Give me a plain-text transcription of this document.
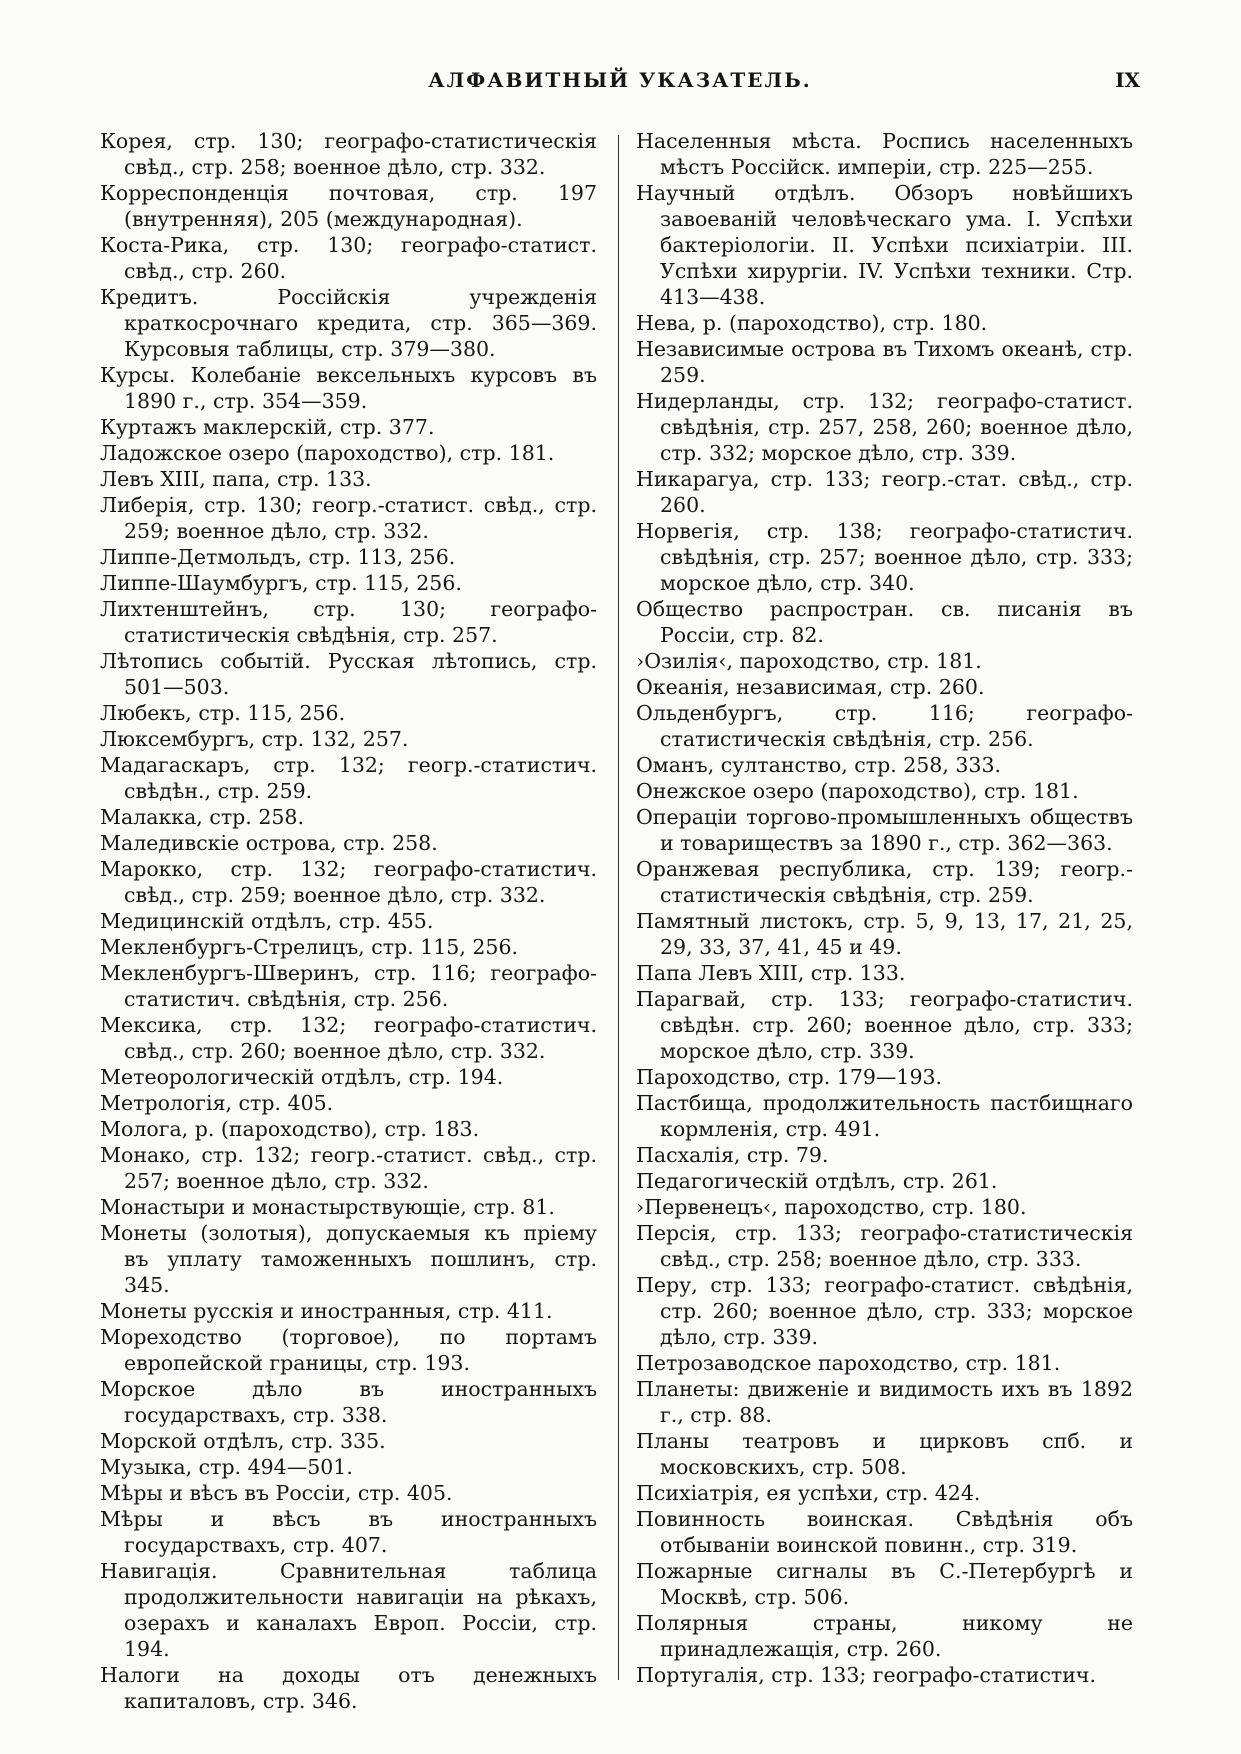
АЛФАВИТНЫЙ УКАЗАТЕЛЬ.	IX
Корея, стр. 130; географо-статистическія свѣд., стр. 258; военное дѣло, стр. 332.
Корреспонденція почтовая, стр. 197 (внутренняя), 205 (международная).
Коста-Рика, стр. 130; географо-статист. свѣд., стр. 260.
Кредитъ. Россійскія учрежденія краткосрочнаго кредита, стр. 365—369. Курсовыя таблицы, стр. 379—380.
Курсы. Колебаніе вексельныхъ курсовъ въ 1890 г., стр. 354—359.
Куртажъ маклерскій, стр. 377.
Ладожское озеро (пароходство), стр. 181.
Левъ XIII, папа, стр. 133.
Либерія, стр. 130; геогр.-статист. свѣд., стр. 259; военное дѣло, стр. 332.
Липпе-Детмольдъ, стр. 113, 256.
Липпе-Шаумбургъ, стр. 115, 256.
Лихтенштейнъ, стр. 130; географо-статистическія свѣдѣнія, стр. 257.
Лѣтопись событій. Русская лѣтопись, стр. 501—503.
Любекъ, стр. 115, 256.
Люксембургъ, стр. 132, 257.
Мадагаскаръ, стр. 132; геогр.-статистич. свѣдѣн., стр. 259.
Малакка, стр. 258.
Маледивскіе острова, стр. 258.
Марокко, стр. 132; географо-статистич. свѣд., стр. 259; военное дѣло, стр. 332.
Медицинскій отдѣлъ, стр. 455.
Мекленбургъ-Стрелицъ, стр. 115, 256.
Мекленбургъ-Шверинъ, стр. 116; географо-статистич. свѣдѣнія, стр. 256.
Мексика, стр. 132; географо-статистич. свѣд., стр. 260; военное дѣло, стр. 332.
Метеорологическій отдѣлъ, стр. 194.
Метрологія, стр. 405.
Молога, р. (пароходство), стр. 183.
Монако, стр. 132; геогр.-статист. свѣд., стр. 257; военное дѣло, стр. 332.
Монастыри и монастырствующіе, стр. 81.
Монеты (золотыя), допускаемыя къ пріему въ уплату таможенныхъ пошлинъ, стр. 345.
Монеты русскія и иностранныя, стр. 411.
Мореходство (торговое), по портамъ европейской границы, стр. 193.
Морское дѣло въ иностранныхъ государствахъ, стр. 338.
Морской отдѣлъ, стр. 335.
Музыка, стр. 494—501.
Мѣры и вѣсъ въ Россіи, стр. 405.
Мѣры и вѣсъ въ иностранныхъ государствахъ, стр. 407.
Навигація. Сравнительная таблица продолжительности навигаціи на рѣкахъ, озерахъ и каналахъ Европ. Россіи, стр. 194.
Налоги на доходы отъ денежныхъ капиталовъ, стр. 346.
Населенныя мѣста. Роспись населенныхъ мѣстъ Россійск. имперіи, стр. 225—255.
Научный отдѣлъ. Обзоръ новѣйшихъ завоеваній человѣческаго ума. I. Успѣхи бактеріологіи. II. Успѣхи психіатріи. III. Успѣхи хирургіи. IV. Успѣхи техники. Стр. 413—438.
Нева, р. (пароходство), стр. 180.
Независимые острова въ Тихомъ океанѣ, стр. 259.
Нидерланды, стр. 132; географо-статист. свѣдѣнія, стр. 257, 258, 260; военное дѣло, стр. 332; морское дѣло, стр. 339.
Никарагуа, стр. 133; геогр.-стат. свѣд., стр. 260.
Норвегія, стр. 138; географо-статистич. свѣдѣнія, стр. 257; военное дѣло, стр. 333; морское дѣло, стр. 340.
Общество распростран. св. писанія въ Россіи, стр. 82.
›Озилія‹, пароходство, стр. 181.
Океанія, независимая, стр. 260.
Ольденбургъ, стр. 116; географо-статистическія свѣдѣнія, стр. 256.
Оманъ, султанство, стр. 258, 333.
Онежское озеро (пароходство), стр. 181.
Операціи торгово-промышленныхъ обществъ и товариществъ за 1890 г., стр. 362—363.
Оранжевая республика, стр. 139; геогр.-статистическія свѣдѣнія, стр. 259.
Памятный листокъ, стр. 5, 9, 13, 17, 21, 25, 29, 33, 37, 41, 45 и 49.
Папа Левъ XIII, стр. 133.
Парагвай, стр. 133; географо-статистич. свѣдѣн. стр. 260; военное дѣло, стр. 333; морское дѣло, стр. 339.
Пароходство, стр. 179—193.
Пастбища, продолжительность пастбищнаго кормленія, стр. 491.
Пасхалія, стр. 79.
Педагогическій отдѣлъ, стр. 261.
›Первенецъ‹, пароходство, стр. 180.
Персія, стр. 133; географо-статистическія свѣд., стр. 258; военное дѣло, стр. 333.
Перу, стр. 133; географо-статист. свѣдѣнія, стр. 260; военное дѣло, стр. 333; морское дѣло, стр. 339.
Петрозаводское пароходство, стр. 181.
Планеты: движеніе и видимость ихъ въ 1892 г., стр. 88.
Планы театровъ и цирковъ спб. и московскихъ, стр. 508.
Психіатрія, ея успѣхи, стр. 424.
Повинность воинская. Свѣдѣнія объ отбываніи воинской повинн., стр. 319.
Пожарные сигналы въ С.-Петербургѣ и Москвѣ, стр. 506.
Полярныя страны, никому не принадлежащія, стр. 260.
Португалія, стр. 133; географо-статистич.
